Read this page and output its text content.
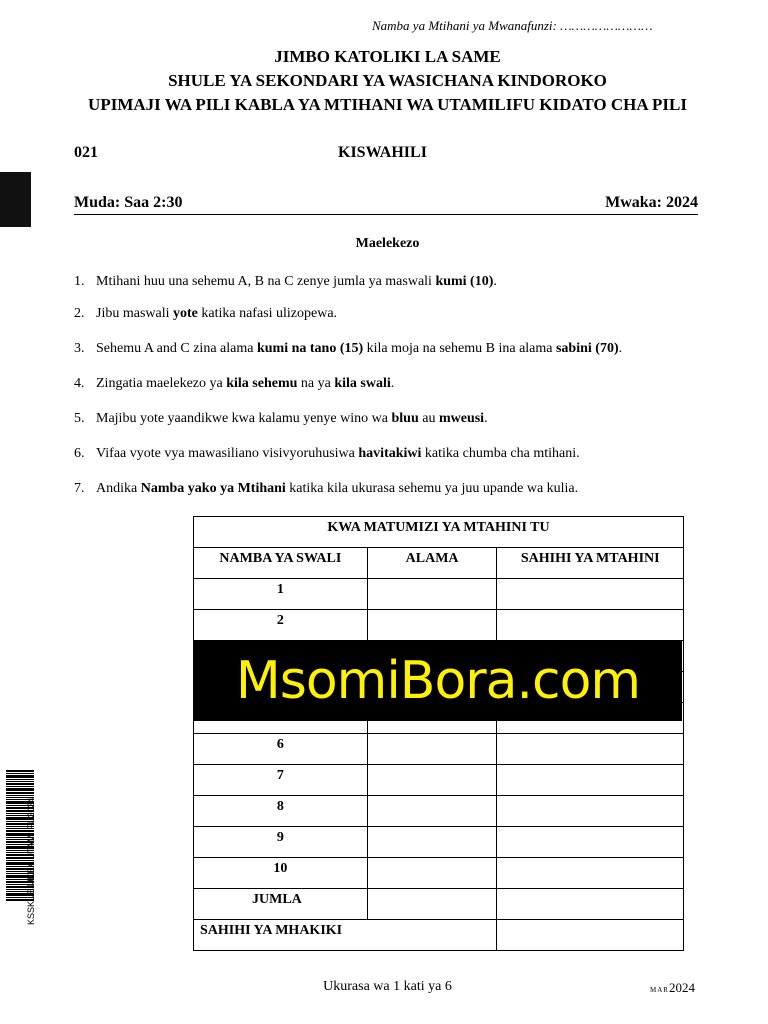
Namba ya Mtihani ya Mwanafunzi: ……………………
JIMBO KATOLIKI LA SAME
SHULE YA SEKONDARI YA WASICHANA KINDOROKO
UPIMAJI WA PILI KABLA YA MTIHANI WA UTAMILIFU KIDATO CHA PILI
021	KISWAHILI
Muda: Saa 2:30	Mwaka: 2024
Maelekezo
1. Mtihani huu una sehemu A, B na C zenye jumla ya maswali kumi (10).
2. Jibu maswali yote katika nafasi ulizopewa.
3. Sehemu A and C zina alama kumi na tano (15) kila moja na sehemu B ina alama sabini (70).
4. Zingatia maelekezo ya kila sehemu na ya kila swali.
5. Majibu yote yaandikwe kwa kalamu yenye wino wa bluu au mweusi.
6. Vifaa vyote vya mawasiliano visivyoruhusiwa havitakiwi katika chumba cha mtihani.
7. Andika Namba yako ya Mtihani katika kila ukurasa sehemu ya juu upande wa kulia.
KWA MATUMIZI YA MTAHINI TU		

NAMBA YA SWALI	ALAMA	SAHIHI YA MTAHINI

1		

2		

6		

7		

8		

9		

10		

JUMLA		

SAHIHI YA MHAKIKI		

MsomiBora.com
KSSKUEJJKEA UTAMIIFU2024
Ukurasa wa 1 kati ya 6	MAR2024
